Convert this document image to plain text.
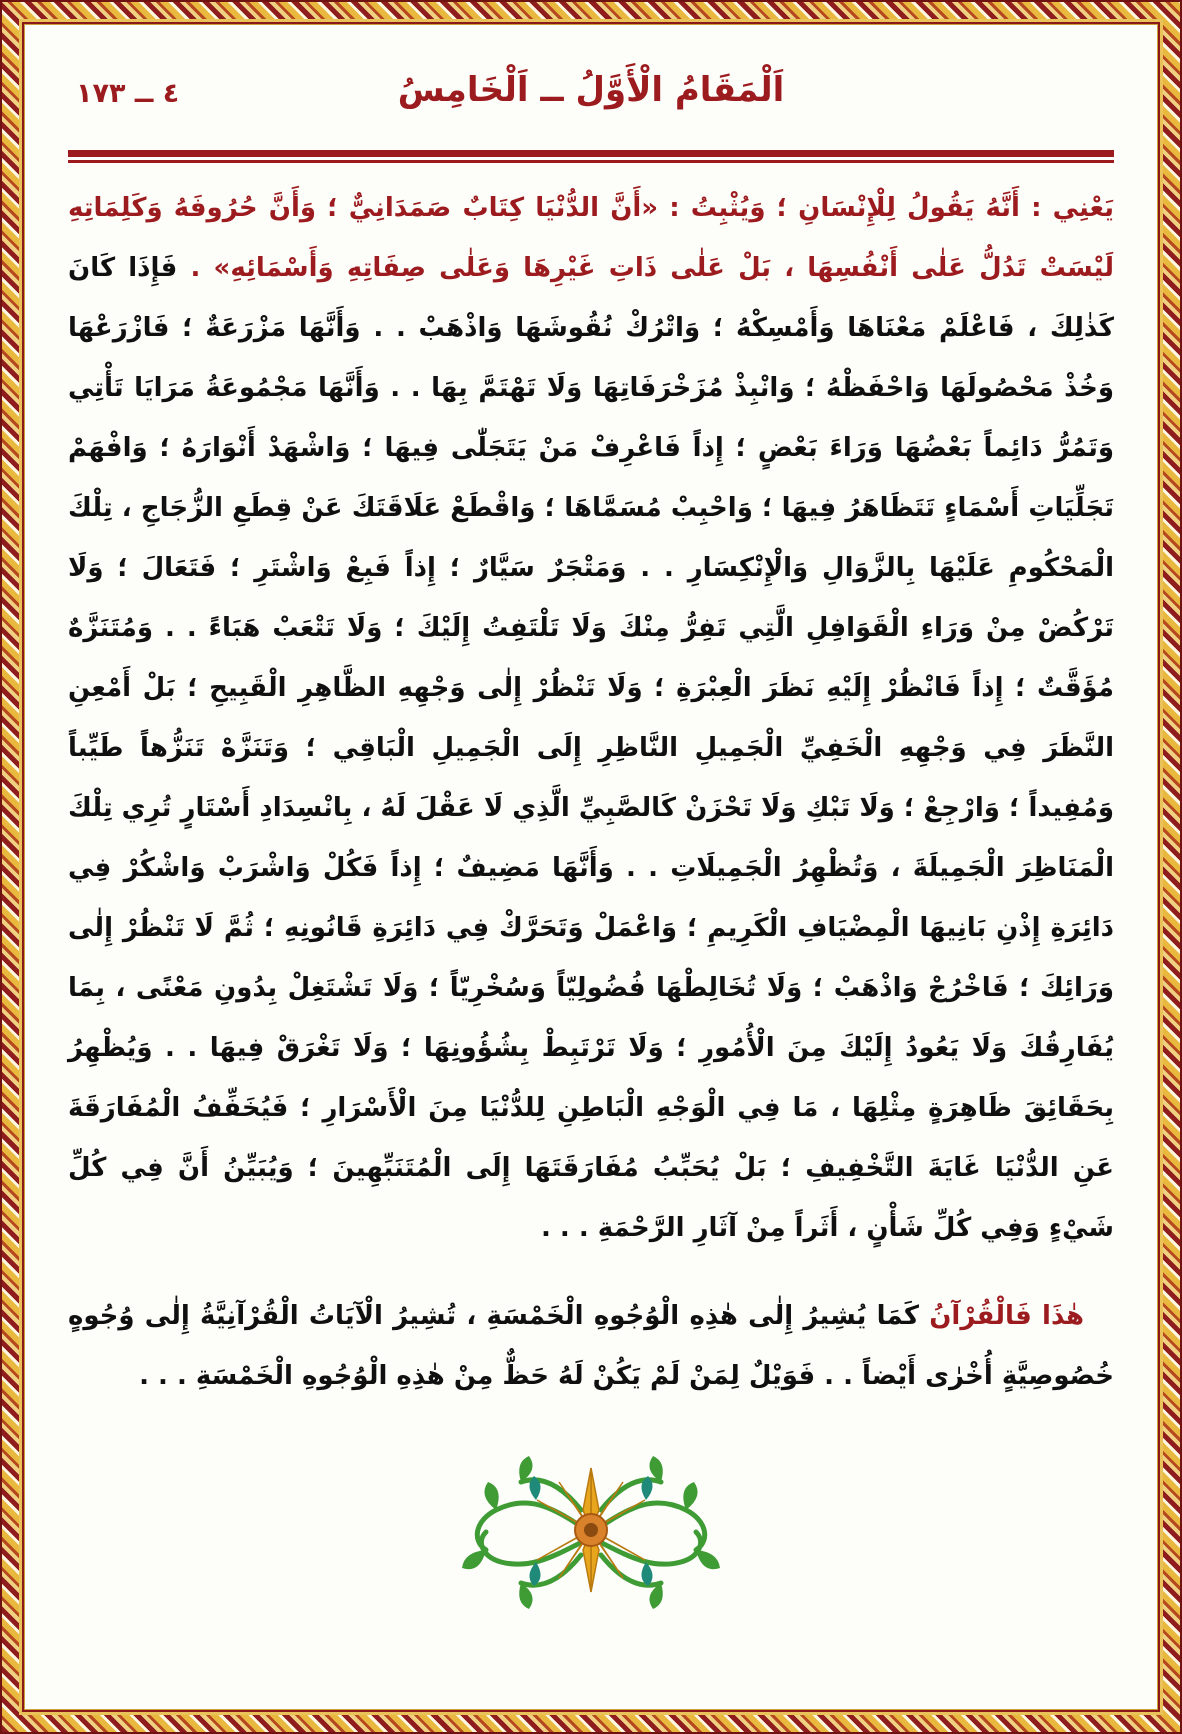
٤ ــ ١٧٣	اَلْمَقَامُ الْأَوَّلُ ــ اَلْخَامِسُ

يَعْنِي : أَنَّهُ يَقُولُ لِلْإِنْسَانِ ؛ وَيُثْبِتُ : «أَنَّ الدُّنْيَا كِتَابٌ صَمَدَانِيٌّ ؛ وَأَنَّ حُرُوفَهُ وَكَلِمَاتِهِ لَيْسَتْ تَدُلُّ عَلٰى أَنْفُسِهَا ، بَلْ عَلٰى ذَاتِ غَيْرِهَا وَعَلٰى صِفَاتِهِ وَأَسْمَائِهِ» . فَإِذَا كَانَ كَذٰلِكَ ، فَاعْلَمْ مَعْنَاهَا وَأَمْسِكْهُ ؛ وَاتْرُكْ نُقُوشَهَا وَاذْهَبْ . . وَأَنَّهَا مَزْرَعَةٌ ؛ فَازْرَعْهَا وَخُذْ مَحْصُولَهَا وَاحْفَظْهُ ؛ وَانْبِذْ مُزَخْرَفَاتِهَا وَلَا تَهْتَمَّ بِهَا . . وَأَنَّهَا مَجْمُوعَةُ مَرَايَا تَأْتِي وَتَمُرُّ دَائِماً بَعْضُهَا وَرَاءَ بَعْضٍ ؛ إِذاً فَاعْرِفْ مَنْ يَتَجَلّٰى فِيهَا ؛ وَاشْهَدْ أَنْوَارَهُ ؛ وَافْهَمْ تَجَلِّيَاتِ أَسْمَاءٍ تَتَظَاهَرُ فِيهَا ؛ وَاحْبِبْ مُسَمَّاهَا ؛ وَاقْطَعْ عَلَاقَتَكَ عَنْ قِطَعِ الزُّجَاجِ ، تِلْكَ الْمَحْكُومِ عَلَيْهَا بِالزَّوَالِ وَالْإِنْكِسَارِ . . وَمَتْجَرٌ سَيَّارٌ ؛ إِذاً فَبِعْ وَاشْتَرِ ؛ فَتَعَالَ ؛ وَلَا تَرْكُضْ مِنْ وَرَاءِ الْقَوَافِلِ الَّتِي تَفِرُّ مِنْكَ وَلَا تَلْتَفِتُ إِلَيْكَ ؛ وَلَا تَتْعَبْ هَبَاءً . . وَمُتَنَزَّهٌ مُؤَقَّتٌ ؛ إِذاً فَانْظُرْ إِلَيْهِ نَظَرَ الْعِبْرَةِ ؛ وَلَا تَنْظُرْ إِلٰى وَجْهِهِ الظَّاهِرِ الْقَبِيحِ ؛ بَلْ أَمْعِنِ النَّظَرَ فِي وَجْهِهِ الْخَفِيِّ الْجَمِيلِ النَّاظِرِ إِلَى الْجَمِيلِ الْبَاقِي ؛ وَتَنَزَّهْ تَنَزُّهاً طَيِّباً وَمُفِيداً ؛ وَارْجِعْ ؛ وَلَا تَبْكِ وَلَا تَحْزَنْ كَالصَّبِيِّ الَّذِي لَا عَقْلَ لَهُ ، بِانْسِدَادِ أَسْتَارٍ تُرِي تِلْكَ الْمَنَاظِرَ الْجَمِيلَةَ ، وَتُظْهِرُ الْجَمِيلَاتِ . . وَأَنَّهَا مَضِيفٌ ؛ إِذاً فَكُلْ وَاشْرَبْ وَاشْكُرْ فِي دَائِرَةِ إِذْنِ بَانِيهَا الْمِضْيَافِ الْكَرِيمِ ؛ وَاعْمَلْ وَتَحَرَّكْ فِي دَائِرَةِ قَانُونِهِ ؛ ثُمَّ لَا تَنْظُرْ إِلٰى وَرَائِكَ ؛ فَاخْرُجْ وَاذْهَبْ ؛ وَلَا تُخَالِطْهَا فُضُولِيّاً وَسُخْرِيّاً ؛ وَلَا تَشْتَغِلْ بِدُونِ مَعْنًى ، بِمَا يُفَارِقُكَ وَلَا يَعُودُ إِلَيْكَ مِنَ الْأُمُورِ ؛ وَلَا تَرْتَبِطْ بِشُؤُونِهَا ؛ وَلَا تَغْرَقْ فِيهَا . . وَيُظْهِرُ بِحَقَائِقَ ظَاهِرَةٍ مِثْلِهَا ، مَا فِي الْوَجْهِ الْبَاطِنِ لِلدُّنْيَا مِنَ الْأَسْرَارِ ؛ فَيُخَفِّفُ الْمُفَارَقَةَ عَنِ الدُّنْيَا غَايَةَ التَّخْفِيفِ ؛ بَلْ يُحَبِّبُ مُفَارَقَتَهَا إِلَى الْمُتَنَبِّهِينَ ؛ وَيُبَيِّنُ أَنَّ فِي كُلِّ شَيْءٍ وَفِي كُلِّ شَأْنٍ ، أَثَراً مِنْ آثَارِ الرَّحْمَةِ . . .

هٰذَا فَالْقُرْآنُ كَمَا يُشِيرُ إِلٰى هٰذِهِ الْوُجُوهِ الْخَمْسَةِ ، تُشِيرُ الْآيَاتُ الْقُرْآنِيَّةُ إِلٰى وُجُوهٍ خُصُوصِيَّةٍ أُخْرٰى أَيْضاً . . فَوَيْلٌ لِمَنْ لَمْ يَكُنْ لَهُ حَظٌّ مِنْ هٰذِهِ الْوُجُوهِ الْخَمْسَةِ . . .
